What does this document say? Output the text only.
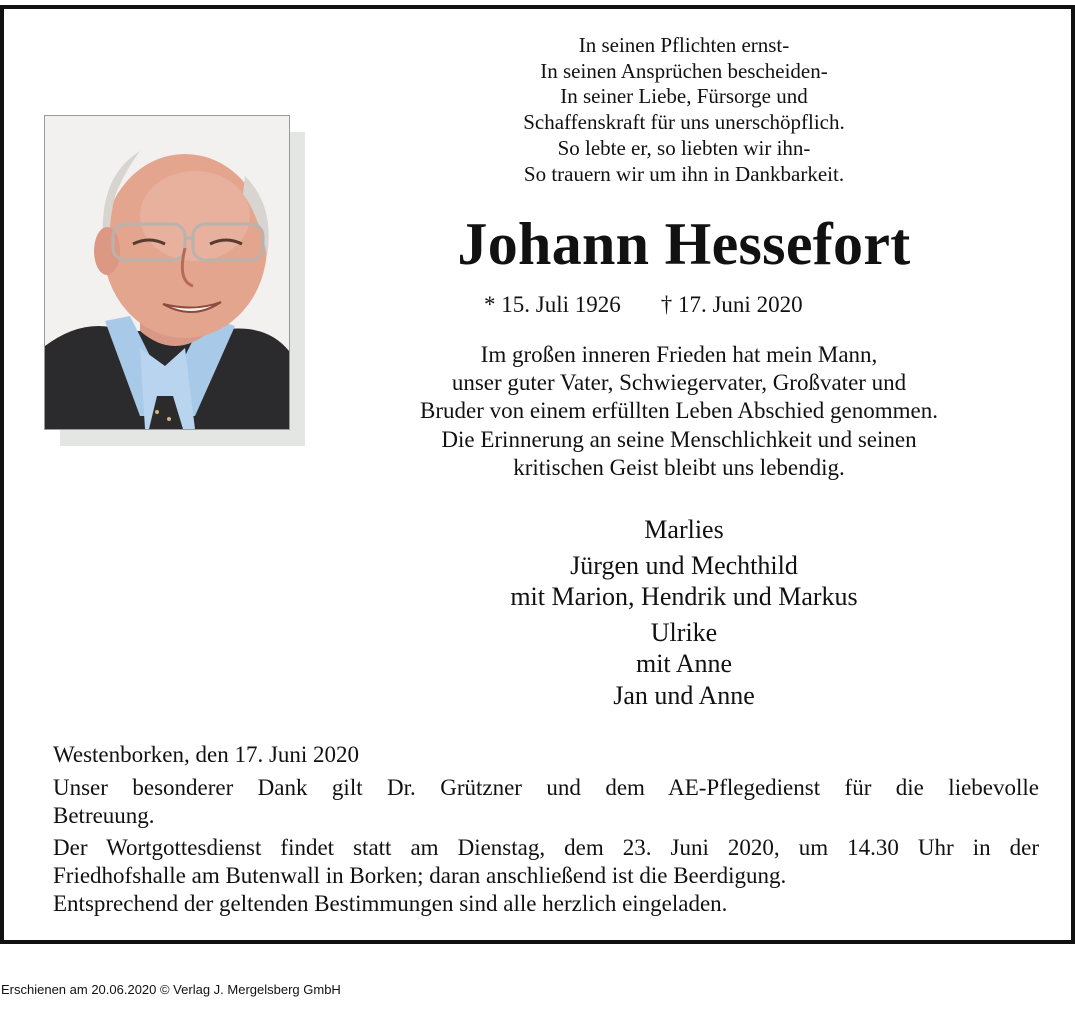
In seinen Pflichten ernst-
In seinen Ansprüchen bescheiden-
In seiner Liebe, Fürsorge und
Schaffenskraft für uns unerschöpflich.
So lebte er, so liebten wir ihn-
So trauern wir um ihn in Dankbarkeit.
Johann Hessefort
* 15. Juli 1926 † 17. Juni 2020
Im großen inneren Frieden hat mein Mann,
unser guter Vater, Schwiegervater, Großvater und
Bruder von einem erfüllten Leben Abschied genommen.
Die Erinnerung an seine Menschlichkeit und seinen
kritischen Geist bleibt uns lebendig.
Marlies
Jürgen und Mechthild
mit Marion, Hendrik und Markus
Ulrike
mit Anne
Jan und Anne

Westenborken, den 17. Juni 2020

Unser besonderer Dank gilt Dr. Grützner und dem AE-Pflegedienst für die liebevolle

Betreuung.

Der Wortgottesdienst findet statt am Dienstag, dem 23. Juni 2020, um 14.30 Uhr in der

Friedhofshalle am Butenwall in Borken; daran anschließend ist die Beerdigung.

Entsprechend der geltenden Bestimmungen sind alle herzlich eingeladen.

Erschienen am 20.06.2020 © Verlag J. Mergelsberg GmbH
